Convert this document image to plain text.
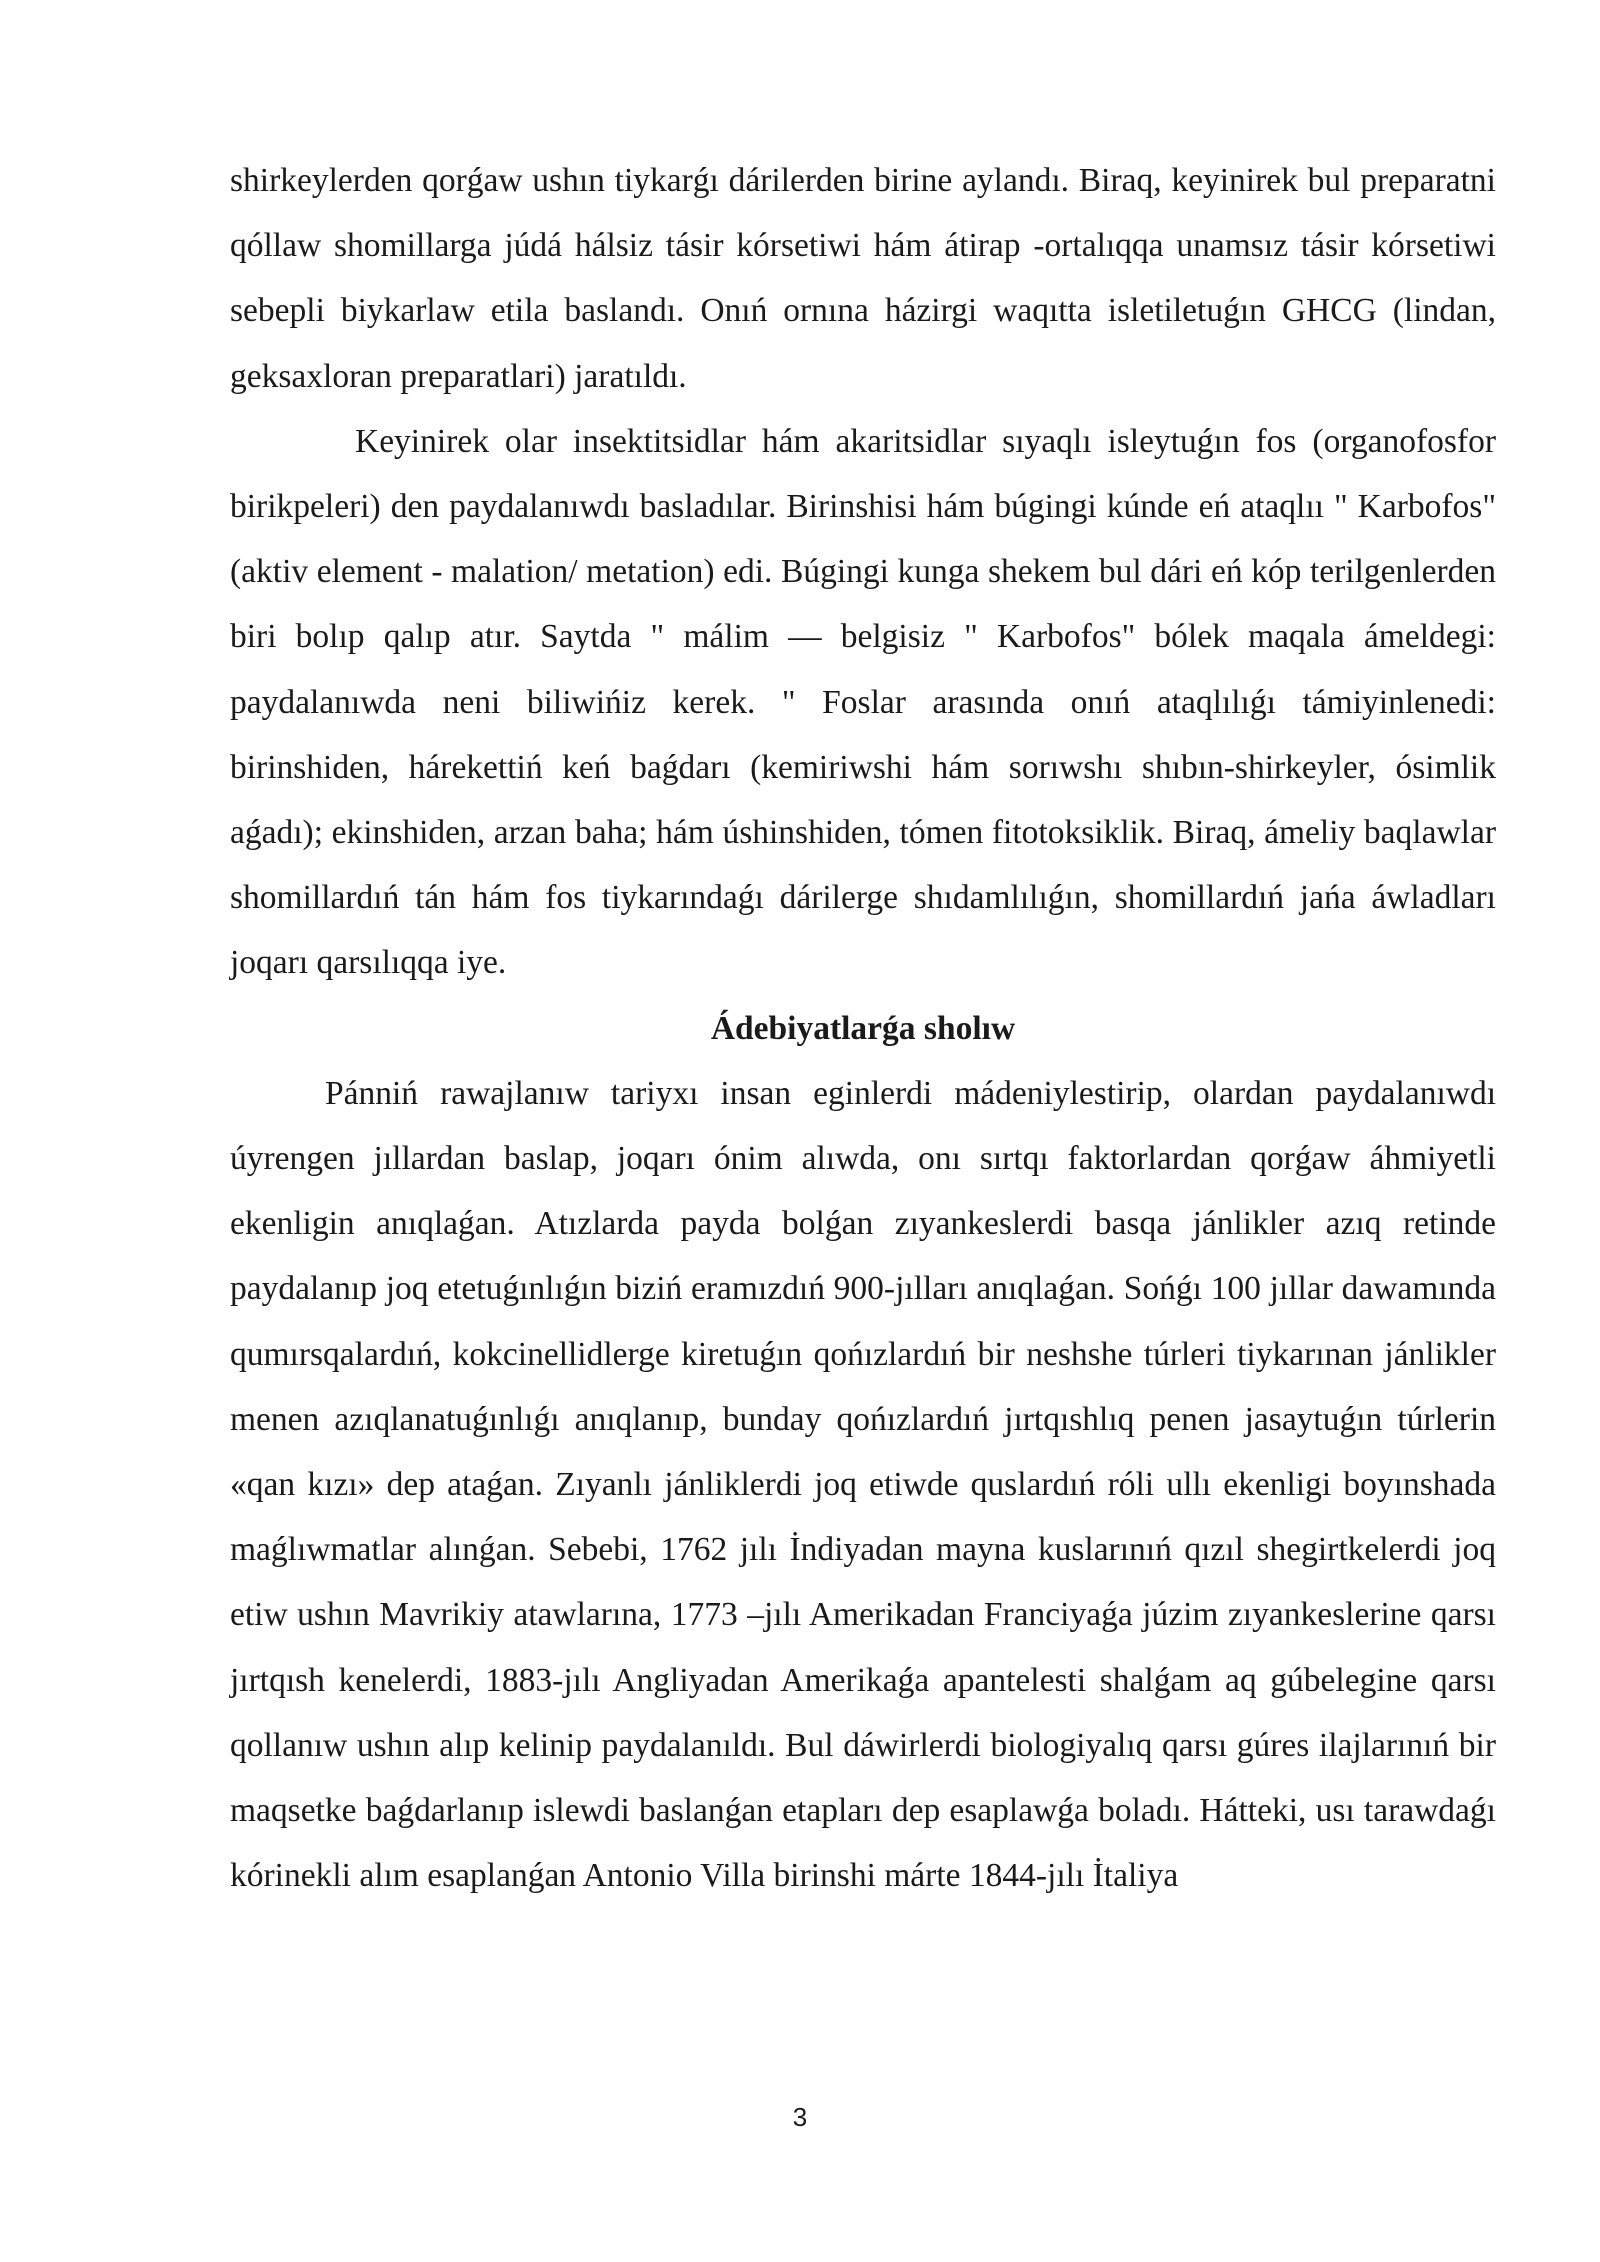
shirkeylerden qorǵaw ushın tiykarǵı dárilerden birine aylandı. Biraq, keyinirek bul preparatni qóllaw shomillarga júdá hálsiz tásir kórsetiwi hám átirap -ortalıqqa unamsız tásir kórsetiwi sebepli biykarlaw etila baslandı. Onıń ornına házirgi waqıtta isletiletuǵın GHCG (lindan, geksaxloran preparatlari) jaratıldı.

Keyinirek olar insektitsidlar hám akaritsidlar sıyaqlı isleytuǵın fos (organofosfor birikpeleri) den paydalanıwdı basladılar. Birinshisi hám búgingi kúnde eń ataqlıı " Karbofos" (aktiv element - malation/ metation) edi. Búgingi kunga shekem bul dári eń kóp terilgenlerden biri bolıp qalıp atır. Saytda " málim — belgisiz " Karbofos" bólek maqala ámeldegi: paydalanıwda neni biliwińiz kerek. " Foslar arasında onıń ataqlılıǵı támiyinlenedi: birinshiden, hárekettiń keń baǵdarı (kemiriwshi hám sorıwshı shıbın-shirkeyler, ósimlik aǵadı); ekinshiden, arzan baha; hám úshinshiden, tómen fitotoksiklik. Biraq, ámeliy baqlawlar shomillardıń tán hám fos tiykarındaǵı dárilerge shıdamlılıǵın, shomillardıń jańa áwladları joqarı qarsılıqqa iye.

Ádebiyatlarǵa sholıw

Pánniń rawajlanıw tariyxı insan eginlerdi mádeniylestirip, olardan paydalanıwdı úyrengen jıllardan baslap, joqarı ónim alıwda, onı sırtqı faktorlardan qorǵaw áhmiyetli ekenligin anıqlaǵan. Atızlarda payda bolǵan zıyankeslerdi basqa jánlikler azıq retinde paydalanıp joq etetuǵınlıǵın biziń eramızdıń 900-jılları anıqlaǵan. Sońǵı 100 jıllar dawamında qumırsqalardıń, kokcinellidlerge kiretuǵın qońızlardıń bir neshshe túrleri tiykarınan jánlikler menen azıqlanatuǵınlıǵı anıqlanıp, bunday qońızlardıń jırtqıshlıq penen jasaytuǵın túrlerin «qan kızı» dep ataǵan. Zıyanlı jánliklerdi joq etiwde quslardıń róli ullı ekenligi boyınshada maǵlıwmatlar alınǵan. Sebebi, 1762 jılı İndiyadan mayna kuslarınıń qızıl shegirtkelerdi joq etiw ushın Mavrikiy atawlarına, 1773 –jılı Amerikadan Franciyaǵa júzim zıyankeslerine qarsı jırtqısh kenelerdi, 1883-jılı Angliyadan Amerikaǵa apantelesti shalǵam aq gúbelegine qarsı qollanıw ushın alıp kelinip paydalanıldı. Bul dáwirlerdi biologiyalıq qarsı gúres ilajlarınıń bir maqsetke baǵdarlanıp islewdi baslanǵan etapları dep esaplawǵa boladı. Hátteki, usı tarawdaǵı kórinekli alım esaplanǵan Antonio Villa birinshi márte 1844-jılı İtaliya

3
